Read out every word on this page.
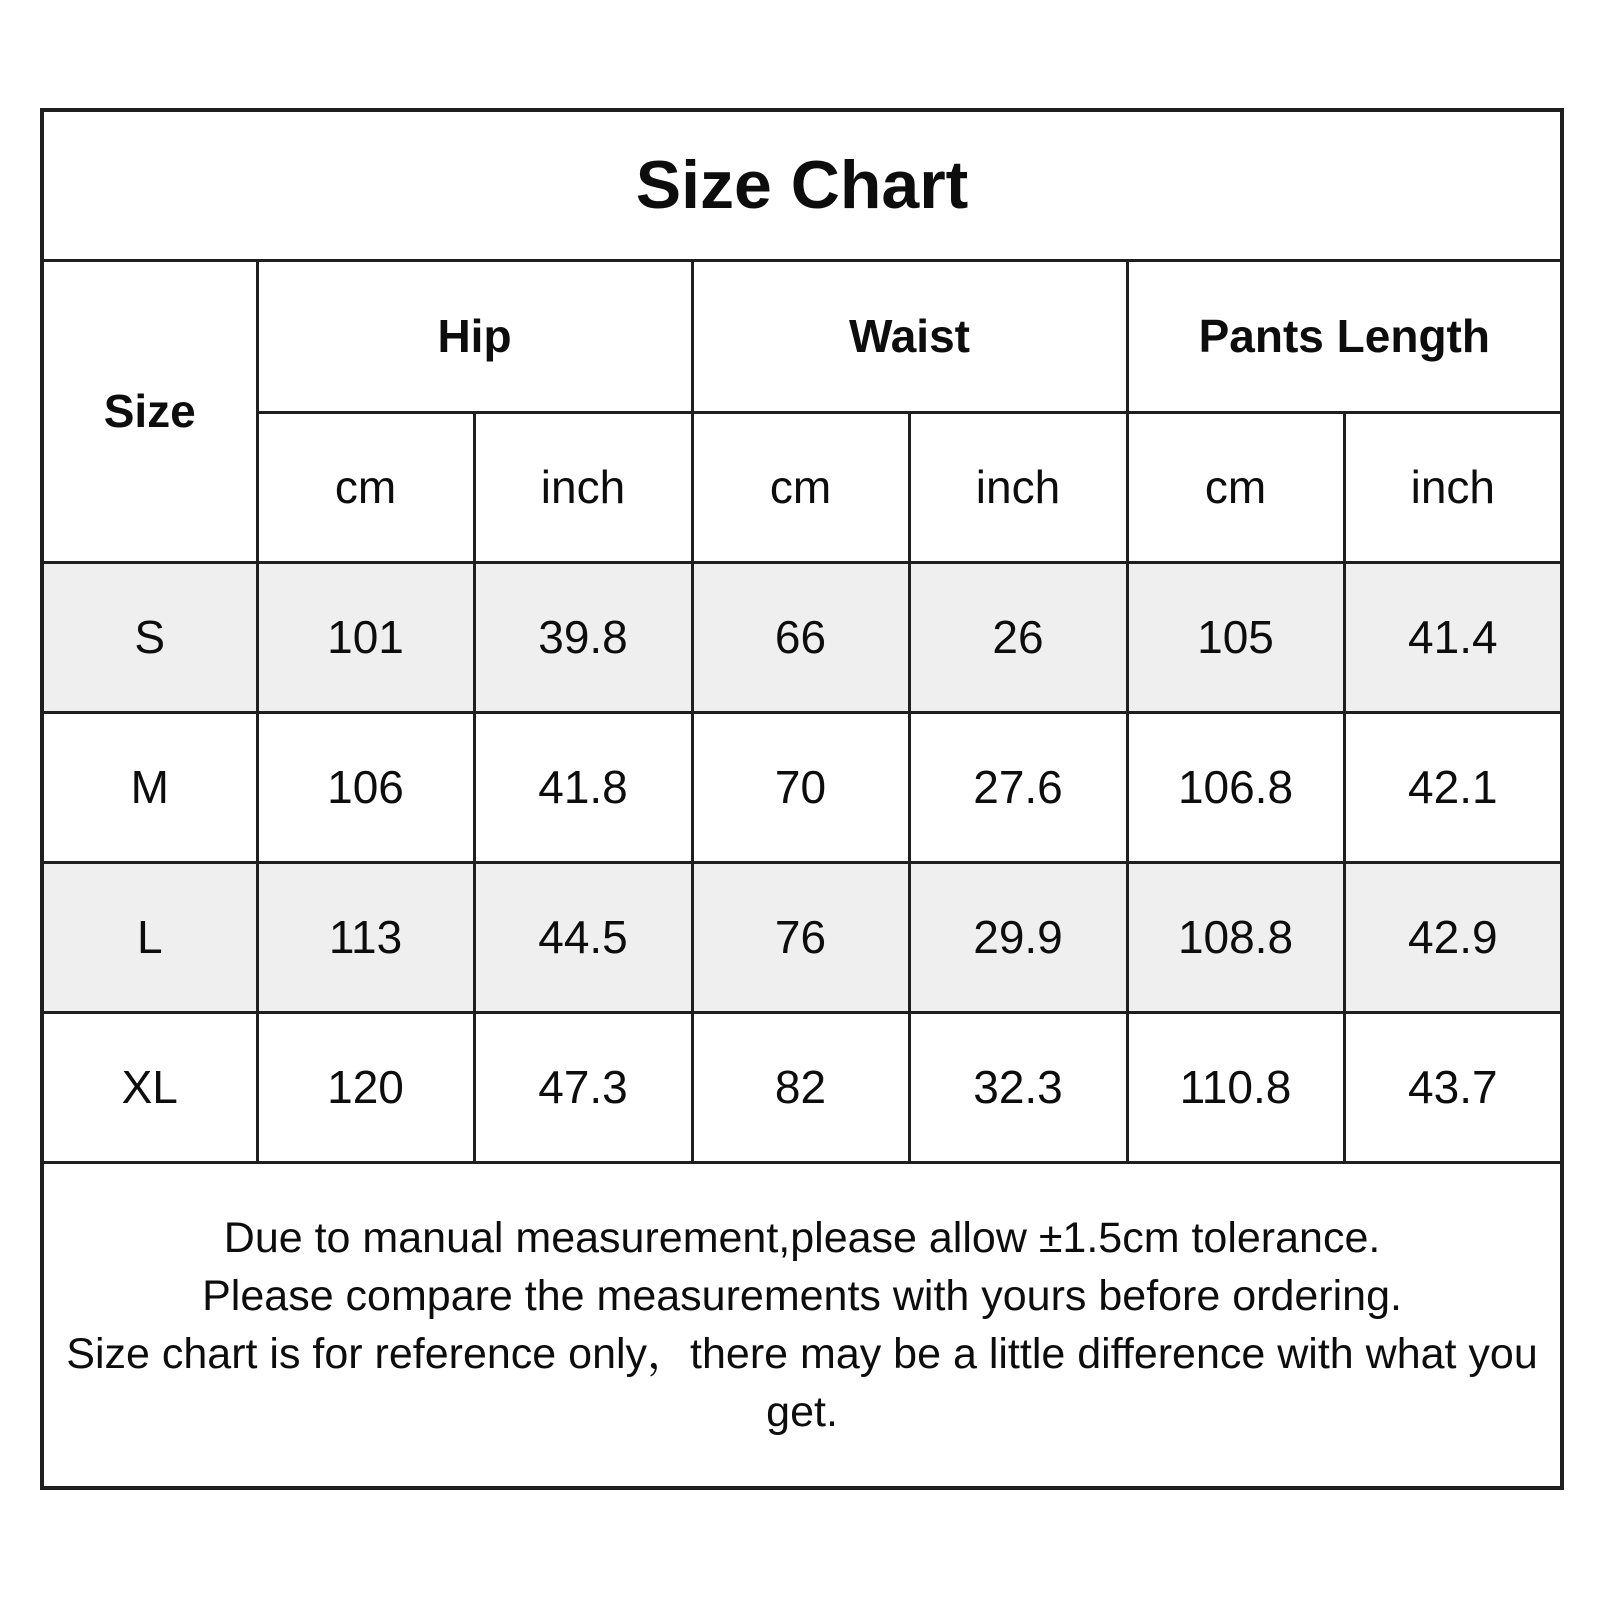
Size Chart						
Size	Hip		Waist		Pants Length	
	cm	inch	cm	inch	cm	inch
S	101	39.8	66	26	105	41.4
M	106	41.8	70	27.6	106.8	42.1
L	113	44.5	76	29.9	108.8	42.9
XL	120	47.3	82	32.3	110.8	43.7

Due to manual measurement,please allow ±1.5cm tolerance.

Please compare the measurements with yours before ordering.

Size chart is for reference only，there may be a little difference with what you get.						
